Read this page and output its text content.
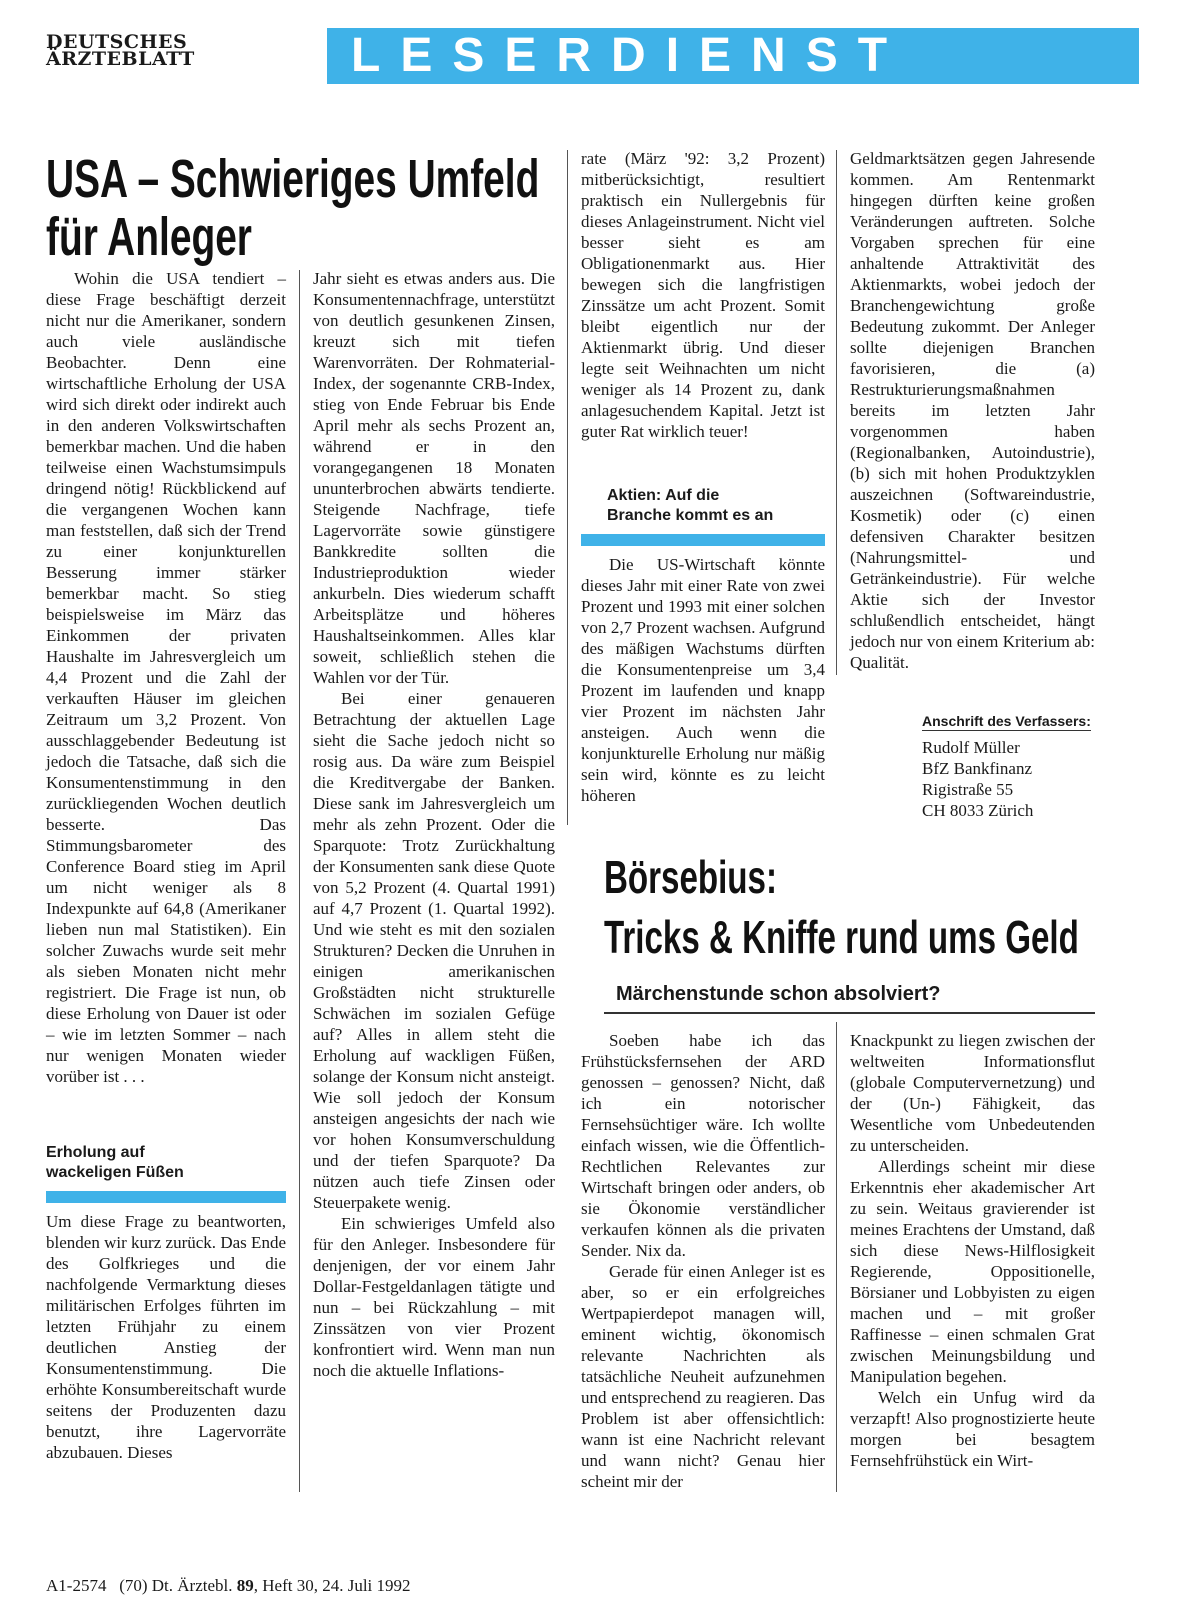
DEUTSCHES
ÄRZTEBLATT	LESERDIENST
USA – Schwieriges Umfeld
für Anleger

Wohin die USA tendiert – diese Frage beschäftigt derzeit nicht nur die Amerikaner, sondern auch viele ausländische Beobachter. Denn eine wirtschaftliche Erholung der USA wird sich direkt oder indirekt auch in den anderen Volkswirtschaften bemerkbar machen. Und die haben teilweise einen Wachstumsimpuls dringend nötig! Rückblickend auf die vergangenen Wochen kann man feststellen, daß sich der Trend zu einer konjunkturellen Besserung immer stärker bemerkbar macht. So stieg beispielsweise im März das Einkommen der privaten Haushalte im Jahresvergleich um 4,4 Prozent und die Zahl der verkauften Häuser im gleichen Zeitraum um 3,2 Prozent. Von ausschlaggebender Bedeutung ist jedoch die Tatsache, daß sich die Konsumentenstimmung in den zurückliegenden Wochen deutlich besserte. Das Stimmungsbarometer des Conference Board stieg im April um nicht weniger als 8 Indexpunkte auf 64,8 (Amerikaner lieben nun mal Statistiken). Ein solcher Zuwachs wurde seit mehr als sieben Monaten nicht mehr registriert. Die Frage ist nun, ob diese Erholung von Dauer ist oder – wie im letzten Sommer – nach nur wenigen Monaten wieder vorüber ist . . .

Erholung auf
wackeligen Füßen

Um diese Frage zu beantworten, blenden wir kurz zurück. Das Ende des Golfkrieges und die nachfolgende Vermarktung dieses militärischen Erfolges führten im letzten Frühjahr zu einem deutlichen Anstieg der Konsumentenstimmung. Die erhöhte Konsumbereitschaft wurde seitens der Produzenten dazu benutzt, ihre Lagervorräte abzubauen. Dieses

Jahr sieht es etwas anders aus. Die Konsumentennachfrage, unterstützt von deutlich gesunkenen Zinsen, kreuzt sich mit tiefen Warenvorräten. Der Rohmaterial-Index, der sogenannte CRB-Index, stieg von Ende Februar bis Ende April mehr als sechs Prozent an, während er in den vorangegangenen 18 Monaten ununterbrochen abwärts tendierte. Steigende Nachfrage, tiefe Lagervorräte sowie günstigere Bankkredite sollten die Industrieproduktion wieder ankurbeln. Dies wiederum schafft Arbeitsplätze und höheres Haushaltseinkommen. Alles klar soweit, schließlich stehen die Wahlen vor der Tür.

Bei einer genaueren Betrachtung der aktuellen Lage sieht die Sache jedoch nicht so rosig aus. Da wäre zum Beispiel die Kreditvergabe der Banken. Diese sank im Jahresvergleich um mehr als zehn Prozent. Oder die Sparquote: Trotz Zurückhaltung der Konsumenten sank diese Quote von 5,2 Prozent (4. Quartal 1991) auf 4,7 Prozent (1. Quartal 1992). Und wie steht es mit den sozialen Strukturen? Decken die Unruhen in einigen amerikanischen Großstädten nicht strukturelle Schwächen im sozialen Gefüge auf? Alles in allem steht die Erholung auf wackligen Füßen, solange der Konsum nicht ansteigt. Wie soll jedoch der Konsum ansteigen angesichts der nach wie vor hohen Konsumverschuldung und der tiefen Sparquote? Da nützen auch tiefe Zinsen oder Steuerpakete wenig.

Ein schwieriges Umfeld also für den Anleger. Insbesondere für denjenigen, der vor einem Jahr Dollar-Festgeldanlagen tätigte und nun – bei Rückzahlung – mit Zinssätzen von vier Prozent konfrontiert wird. Wenn man nun noch die aktuelle Inflations-

rate (März '92: 3,2 Prozent) mitberücksichtigt, resultiert praktisch ein Nullergebnis für dieses Anlageinstrument. Nicht viel besser sieht es am Obligationenmarkt aus. Hier bewegen sich die langfristigen Zinssätze um acht Prozent. Somit bleibt eigentlich nur der Aktienmarkt übrig. Und dieser legte seit Weihnachten um nicht weniger als 14 Prozent zu, dank anlagesuchendem Kapital. Jetzt ist guter Rat wirklich teuer!

Aktien: Auf die
Branche kommt es an

Die US-Wirtschaft könnte dieses Jahr mit einer Rate von zwei Prozent und 1993 mit einer solchen von 2,7 Prozent wachsen. Aufgrund des mäßigen Wachstums dürften die Konsumentenpreise um 3,4 Prozent im laufenden und knapp vier Prozent im nächsten Jahr ansteigen. Auch wenn die konjunkturelle Erholung nur mäßig sein wird, könnte es zu leicht höheren

Geldmarktsätzen gegen Jahresende kommen. Am Rentenmarkt hingegen dürften keine großen Veränderungen auftreten. Solche Vorgaben sprechen für eine anhaltende Attraktivität des Aktienmarkts, wobei jedoch der Branchengewichtung große Bedeutung zukommt. Der Anleger sollte diejenigen Branchen favorisieren, die (a) Restrukturierungsmaßnahmen bereits im letzten Jahr vorgenommen haben (Regionalbanken, Autoindustrie), (b) sich mit hohen Produktzyklen auszeichnen (Softwareindustrie, Kosmetik) oder (c) einen defensiven Charakter besitzen (Nahrungsmittel- und Getränkeindustrie). Für welche Aktie sich der Investor schlußendlich entscheidet, hängt jedoch nur von einem Kriterium ab: Qualität.

Anschrift des Verfassers:
Rudolf Müller
BfZ Bankfinanz
Rigistraße 55
CH 8033 Zürich
Börsebius:
Tricks & Kniffe rund ums Geld
Märchenstunde schon absolviert?

Soeben habe ich das Frühstücksfernsehen der ARD genossen – genossen? Nicht, daß ich ein notorischer Fernsehsüchtiger wäre. Ich wollte einfach wissen, wie die Öffentlich-Rechtlichen Relevantes zur Wirtschaft bringen oder anders, ob sie Ökonomie verständlicher verkaufen können als die privaten Sender. Nix da.

Gerade für einen Anleger ist es aber, so er ein erfolgreiches Wertpapierdepot managen will, eminent wichtig, ökonomisch relevante Nachrichten als tatsächliche Neuheit aufzunehmen und entsprechend zu reagieren. Das Problem ist aber offensichtlich: wann ist eine Nachricht relevant und wann nicht? Genau hier scheint mir der

Knackpunkt zu liegen zwischen der weltweiten Informationsflut (globale Computervernetzung) und der (Un-) Fähigkeit, das Wesentliche vom Unbedeutenden zu unterscheiden.

Allerdings scheint mir diese Erkenntnis eher akademischer Art zu sein. Weitaus gravierender ist meines Erachtens der Umstand, daß sich diese News-Hilflosigkeit Regierende, Oppositionelle, Börsianer und Lobbyisten zu eigen machen und – mit großer Raffinesse – einen schmalen Grat zwischen Meinungsbildung und Manipulation begehen.

Welch ein Unfug wird da verzapft! Also prognostizierte heute morgen bei besagtem Fernsehfrühstück ein Wirt-

A1-2574 (70) Dt. Ärztebl. 89, Heft 30, 24. Juli 1992
